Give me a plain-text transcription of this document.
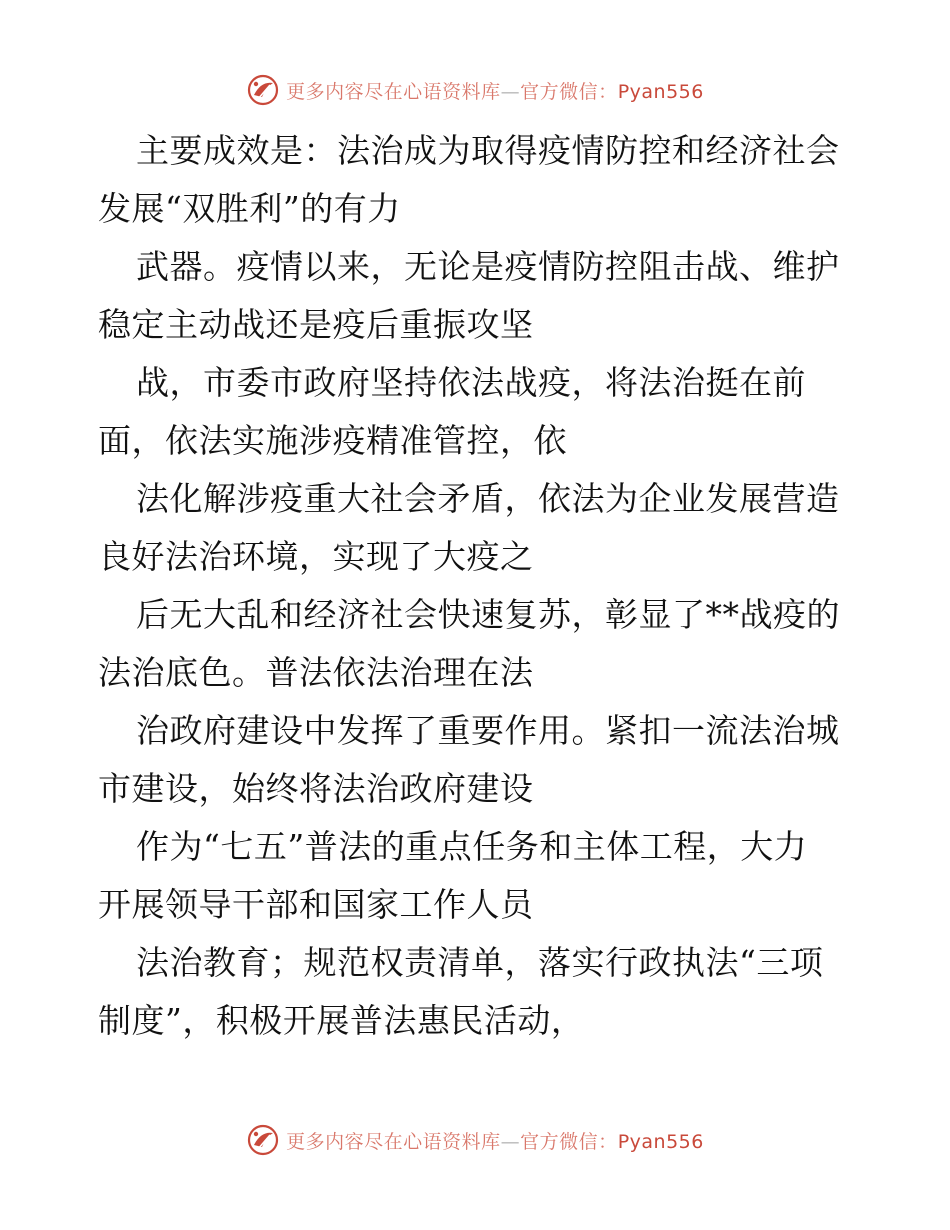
更多内容尽在心语资料库—官方微信：Pyan556
主要成效是：法治成为取得疫情防控和经济社会
发展“双胜利”的有力
武器。疫情以来，无论是疫情防控阻击战、维护
稳定主动战还是疫后重振攻坚
战，市委市政府坚持依法战疫，将法治挺在前
面，依法实施涉疫精准管控，依
法化解涉疫重大社会矛盾，依法为企业发展营造
良好法治环境，实现了大疫之
后无大乱和经济社会快速复苏，彰显了**战疫的
法治底色。普法依法治理在法
治政府建设中发挥了重要作用。紧扣一流法治城
市建设，始终将法治政府建设
作为“七五”普法的重点任务和主体工程，大力
开展领导干部和国家工作人员
法治教育；规范权责清单，落实行政执法“三项
制度”，积极开展普法惠民活动，
更多内容尽在心语资料库—官方微信：Pyan556
